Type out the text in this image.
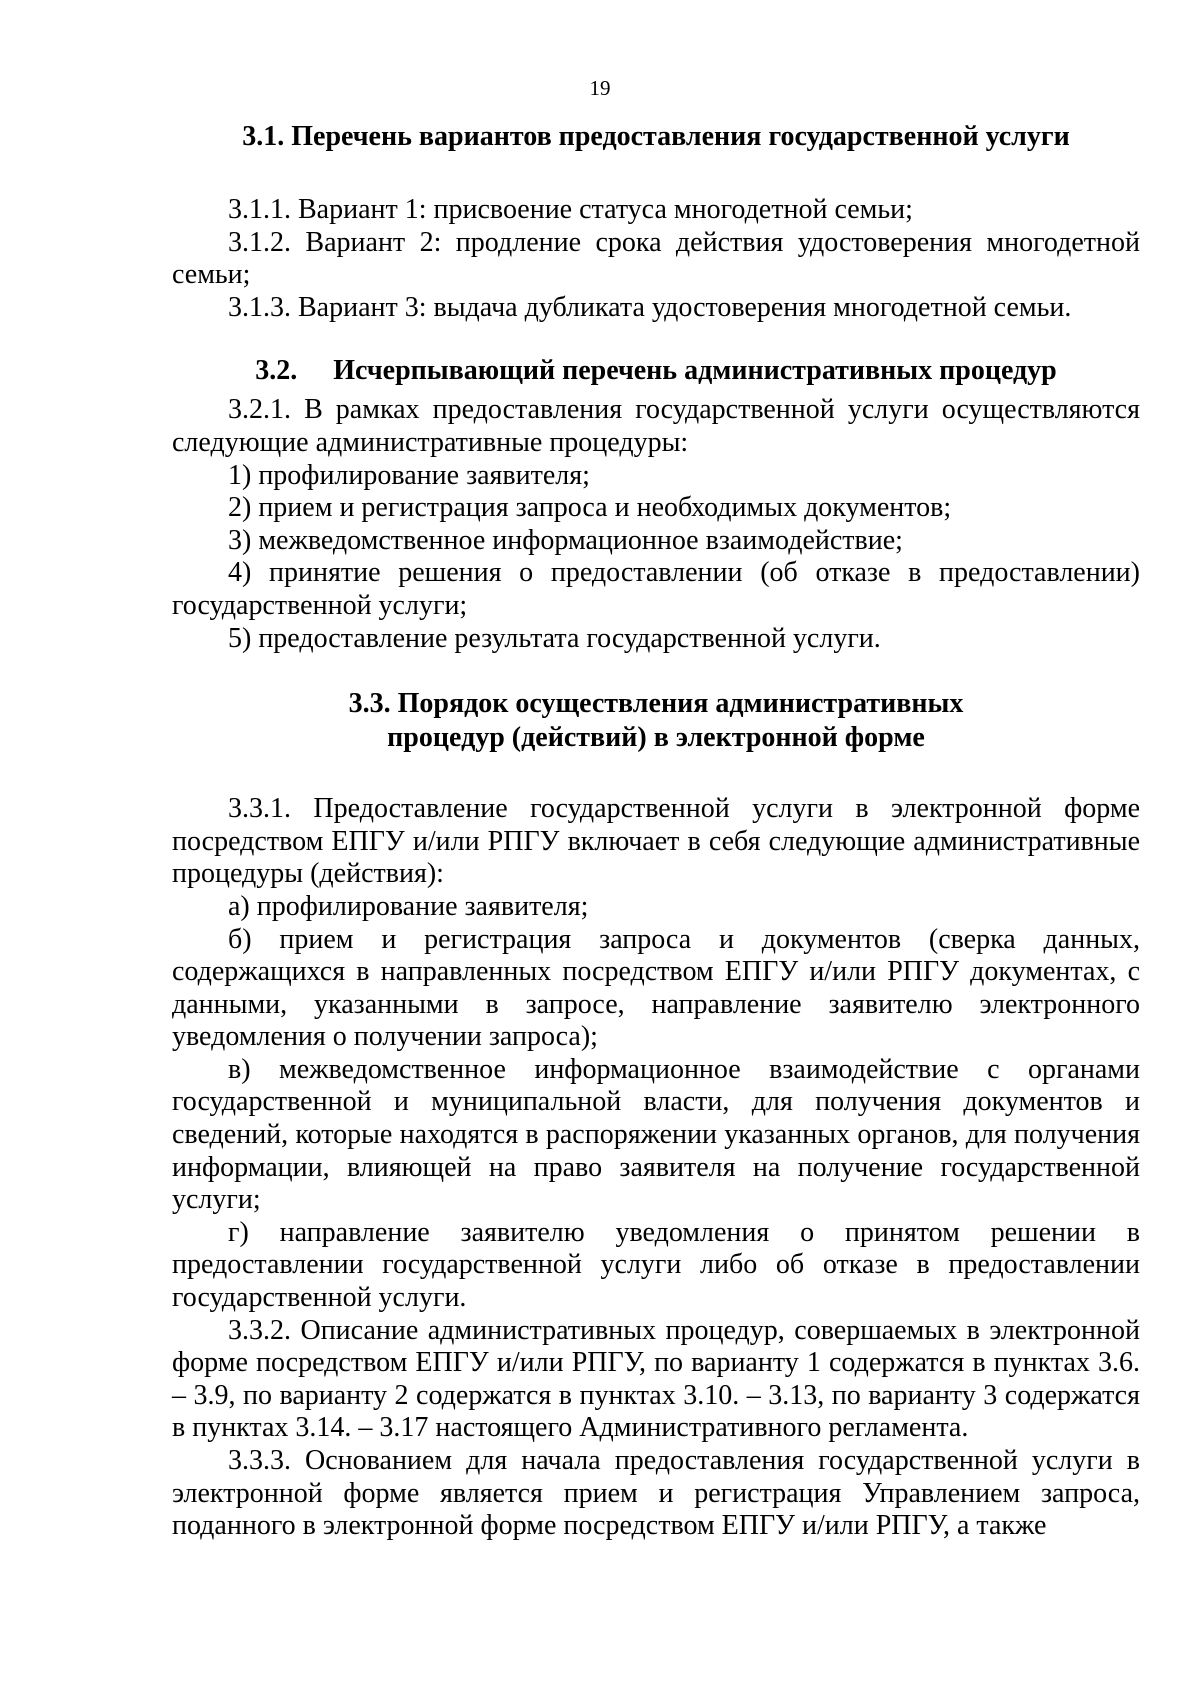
19
3.1. Перечень вариантов предоставления государственной услуги

3.1.1. Вариант 1: присвоение статуса многодетной семьи;

3.1.2. Вариант 2: продление срока действия удостоверения многодетной семьи;

3.1.3. Вариант 3: выдача дубликата удостоверения многодетной семьи.

3.2. Исчерпывающий перечень административных процедур

3.2.1. В рамках предоставления государственной услуги осуществляются следующие административные процедуры:

1) профилирование заявителя;

2) прием и регистрация запроса и необходимых документов;

3) межведомственное информационное взаимодействие;

4) принятие решения о предоставлении (об отказе в предоставлении) государственной услуги;

5) предоставление результата государственной услуги.

3.3. Порядок осуществления административных
процедур (действий) в электронной форме

3.3.1. Предоставление государственной услуги в электронной форме посредством ЕПГУ и/или РПГУ включает в себя следующие административные процедуры (действия):

а) профилирование заявителя;

б) прием и регистрация запроса и документов (сверка данных, содержащихся в направленных посредством ЕПГУ и/или РПГУ документах, с данными, указанными в запросе, направление заявителю электронного уведомления о получении запроса);

в) межведомственное информационное взаимодействие с органами государственной и муниципальной власти, для получения документов и сведений, которые находятся в распоряжении указанных органов, для получения информации, влияющей на право заявителя на получение государственной услуги;

г) направление заявителю уведомления о принятом решении в предоставлении государственной услуги либо об отказе в предоставлении государственной услуги.

3.3.2. Описание административных процедур, совершаемых в электронной форме посредством ЕПГУ и/или РПГУ, по варианту 1 содержатся в пунктах 3.6. – 3.9, по варианту 2 содержатся в пунктах 3.10. – 3.13, по варианту 3 содержатся в пунктах 3.14. – 3.17 настоящего Административного регламента.

3.3.3. Основанием для начала предоставления государственной услуги в электронной форме является прием и регистрация Управлением запроса, поданного в электронной форме посредством ЕПГУ и/или РПГУ, а также
